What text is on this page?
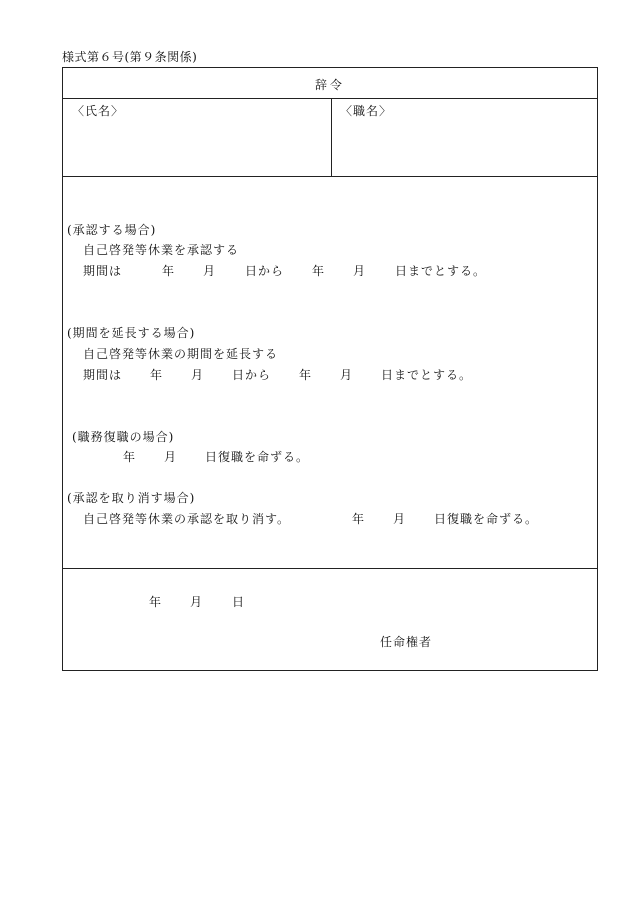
様式第６号(第９条関係)
辞令
〈氏名〉	〈職名〉
(承認する場合)
自己啓発等休業を承認する
期間は	年 月 日から 年 月 日までとする。
(期間を延長する場合)
自己啓発等休業の期間を延長する
期間は 年 月 日から 年 月 日までとする。
(職務復職の場合)
年 月 日復職を命ずる。
(承認を取り消す場合)
自己啓発等休業の承認を取り消す。	年 月 日復職を命ずる。
年 月 日
任命権者
